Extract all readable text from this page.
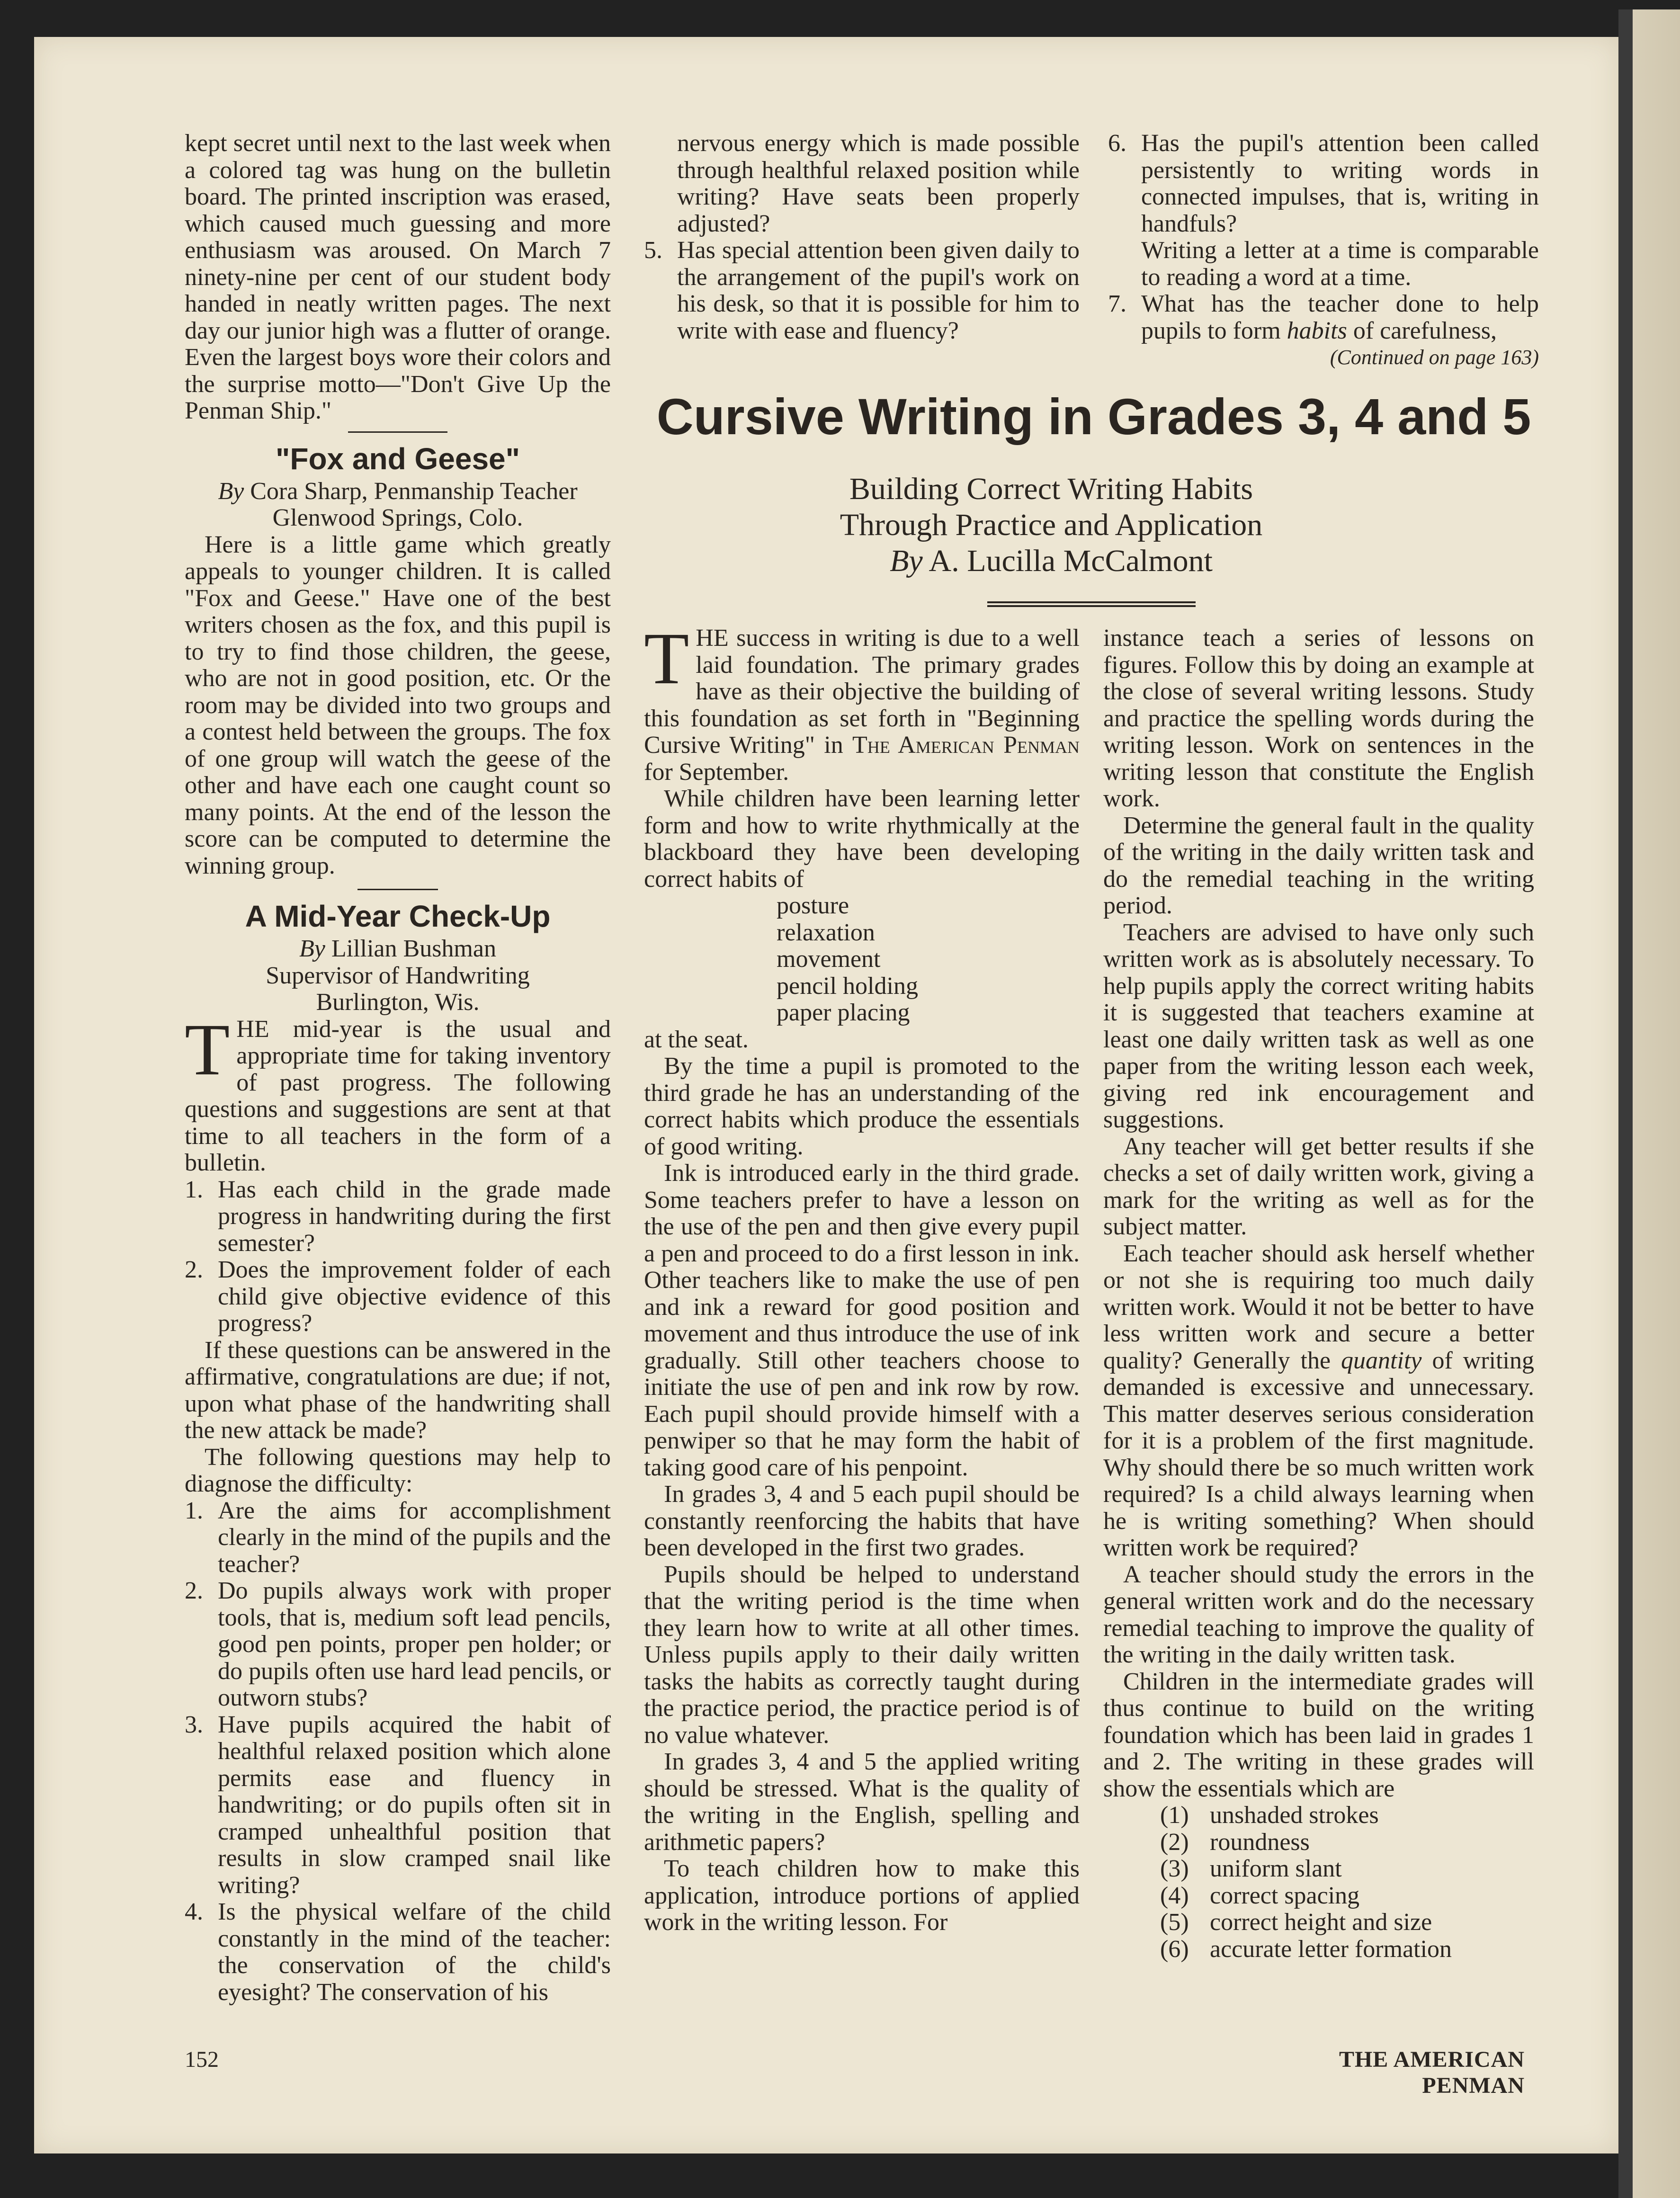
kept secret until next to the last week when a colored tag was hung on the bulletin board. The printed inscription was erased, which caused much guessing and more enthusiasm was aroused. On March 7 ninety-nine per cent of our student body handed in neatly written pages. The next day our junior high was a flutter of orange. Even the largest boys wore their colors and the surprise motto—"Don't Give Up the Penman Ship."

"Fox and Geese"
By Cora Sharp, Penmanship Teacher
Glenwood Springs, Colo.

Here is a little game which greatly appeals to younger children. It is called "Fox and Geese." Have one of the best writers chosen as the fox, and this pupil is to try to find those children, the geese, who are not in good position, etc. Or the room may be divided into two groups and a contest held between the groups. The fox of one group will watch the geese of the other and have each one caught count so many points. At the end of the lesson the score can be computed to determine the winning group.

A Mid-Year Check-Up
By Lillian Bushman
Supervisor of Handwriting
Burlington, Wis.

THE mid-year is the usual and appropriate time for taking inventory of past progress. The following questions and suggestions are sent at that time to all teachers in the form of a bulletin.

1. Has each child in the grade made progress in handwriting during the first semester?
2. Does the improvement folder of each child give objective evidence of this progress?

If these questions can be answered in the affirmative, congratulations are due; if not, upon what phase of the handwriting shall the new attack be made?

The following questions may help to diagnose the difficulty:

1. Are the aims for accomplishment clearly in the mind of the pupils and the teacher?
2. Do pupils always work with proper tools, that is, medium soft lead pencils, good pen points, proper pen holder; or do pupils often use hard lead pencils, or outworn stubs?
3. Have pupils acquired the habit of healthful relaxed position which alone permits ease and fluency in handwriting; or do pupils often sit in cramped unhealthful position that results in slow cramped snail like writing?
4. Is the physical welfare of the child constantly in the mind of the teacher: the conservation of the child's eyesight? The conservation of his

nervous energy which is made possible through healthful relaxed position while writing? Have seats been properly adjusted?

5. Has special attention been given daily to the arrangement of the pupil's work on his desk, so that it is possible for him to write with ease and fluency?
6. Has the pupil's attention been called persistently to writing words in connected impulses, that is, writing in handfuls?

Writing a letter at a time is comparable to reading a word at a time.

7. What has the teacher done to help pupils to form habits of carefulness,
(Continued on page 163)
Cursive Writing in Grades 3, 4 and 5
Building Correct Writing Habits
Through Practice and Application
By A. Lucilla McCalmont

THE success in writing is due to a well laid foundation. The primary grades have as their objective the building of this foundation as set forth in "Beginning Cursive Writing" in The American Penman for September.

While children have been learning letter form and how to write rhythmically at the blackboard they have been developing correct habits of

posture
relaxation
movement
pencil holding
paper placing

at the seat.

By the time a pupil is promoted to the third grade he has an understanding of the correct habits which produce the essentials of good writing.

Ink is introduced early in the third grade. Some teachers prefer to have a lesson on the use of the pen and then give every pupil a pen and proceed to do a first lesson in ink. Other teachers like to make the use of pen and ink a reward for good position and movement and thus introduce the use of ink gradually. Still other teachers choose to initiate the use of pen and ink row by row. Each pupil should provide himself with a penwiper so that he may form the habit of taking good care of his penpoint.

In grades 3, 4 and 5 each pupil should be constantly reenforcing the habits that have been developed in the first two grades.

Pupils should be helped to understand that the writing period is the time when they learn how to write at all other times. Unless pupils apply to their daily written tasks the habits as correctly taught during the practice period, the practice period is of no value whatever.

In grades 3, 4 and 5 the applied writing should be stressed. What is the quality of the writing in the English, spelling and arithmetic papers?

To teach children how to make this application, introduce portions of applied work in the writing lesson. For

instance teach a series of lessons on figures. Follow this by doing an example at the close of several writing lessons. Study and practice the spelling words during the writing lesson. Work on sentences in the writing lesson that constitute the English work.

Determine the general fault in the quality of the writing in the daily written task and do the remedial teaching in the writing period.

Teachers are advised to have only such written work as is absolutely necessary. To help pupils apply the correct writing habits it is suggested that teachers examine at least one daily written task as well as one paper from the writing lesson each week, giving red ink encouragement and suggestions.

Any teacher will get better results if she checks a set of daily written work, giving a mark for the writing as well as for the subject matter.

Each teacher should ask herself whether or not she is requiring too much daily written work. Would it not be better to have less written work and secure a better quality? Generally the quantity of writing demanded is excessive and unnecessary. This matter deserves serious consideration for it is a problem of the first magnitude. Why should there be so much written work required? Is a child always learning when he is writing something? When should written work be required?

A teacher should study the errors in the general written work and do the necessary remedial teaching to improve the quality of the writing in the daily written task.

Children in the intermediate grades will thus continue to build on the writing foundation which has been laid in grades 1 and 2. The writing in these grades will show the essentials which are

(1) unshaded strokes
(2) roundness
(3) uniform slant
(4) correct spacing
(5) correct height and size
(6) accurate letter formation
152	THE AMERICAN PENMAN
